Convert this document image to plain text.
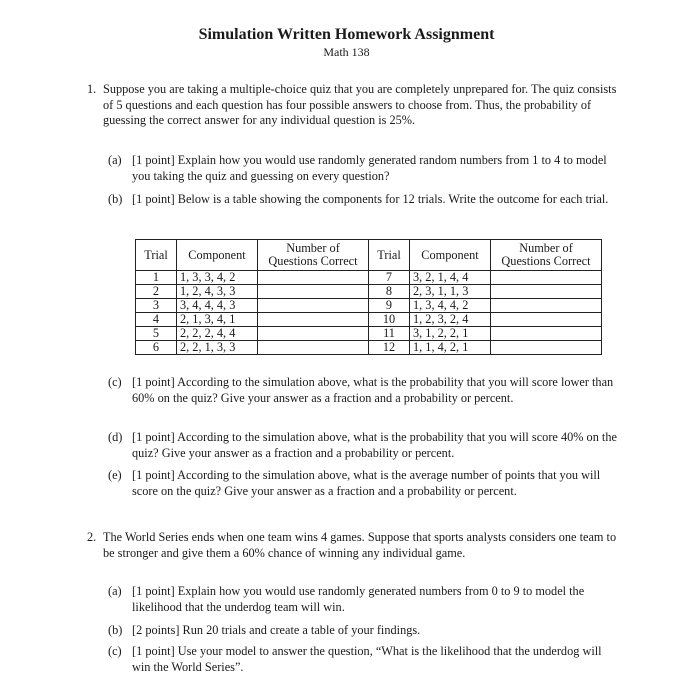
Simulation Written Homework Assignment
Math 138
1. Suppose you are taking a multiple-choice quiz that you are completely unprepared for. The quiz consists of 5 questions and each question has four possible answers to choose from. Thus, the probability of guessing the correct answer for any individual question is 25%.
(a) [1 point] Explain how you would use randomly generated random numbers from 1 to 4 to model you taking the quiz and guessing on every question?
(b) [1 point] Below is a table showing the components for 12 trials. Write the outcome for each trial.
Trial	Component	Number of Questions Correct	Trial	Component	Number of Questions Correct
1	1, 3, 3, 4, 2		7	3, 2, 1, 4, 4	
2	1, 2, 4, 3, 3		8	2, 3, 1, 1, 3	
3	3, 4, 4, 4, 3		9	1, 3, 4, 4, 2	
4	2, 1, 3, 4, 1		10	1, 2, 3, 2, 4	
5	2, 2, 2, 4, 4		11	3, 1, 2, 2, 1	
6	2, 2, 1, 3, 3		12	1, 1, 4, 2, 1	
(c) [1 point] According to the simulation above, what is the probability that you will score lower than 60% on the quiz? Give your answer as a fraction and a probability or percent.
(d) [1 point] According to the simulation above, what is the probability that you will score 40% on the quiz? Give your answer as a fraction and a probability or percent.
(e) [1 point] According to the simulation above, what is the average number of points that you will score on the quiz? Give your answer as a fraction and a probability or percent.
2. The World Series ends when one team wins 4 games. Suppose that sports analysts considers one team to be stronger and give them a 60% chance of winning any individual game.
(a) [1 point] Explain how you would use randomly generated numbers from 0 to 9 to model the likelihood that the underdog team will win.
(b) [2 points] Run 20 trials and create a table of your findings.
(c) [1 point] Use your model to answer the question, “What is the likelihood that the underdog will win the World Series”.
